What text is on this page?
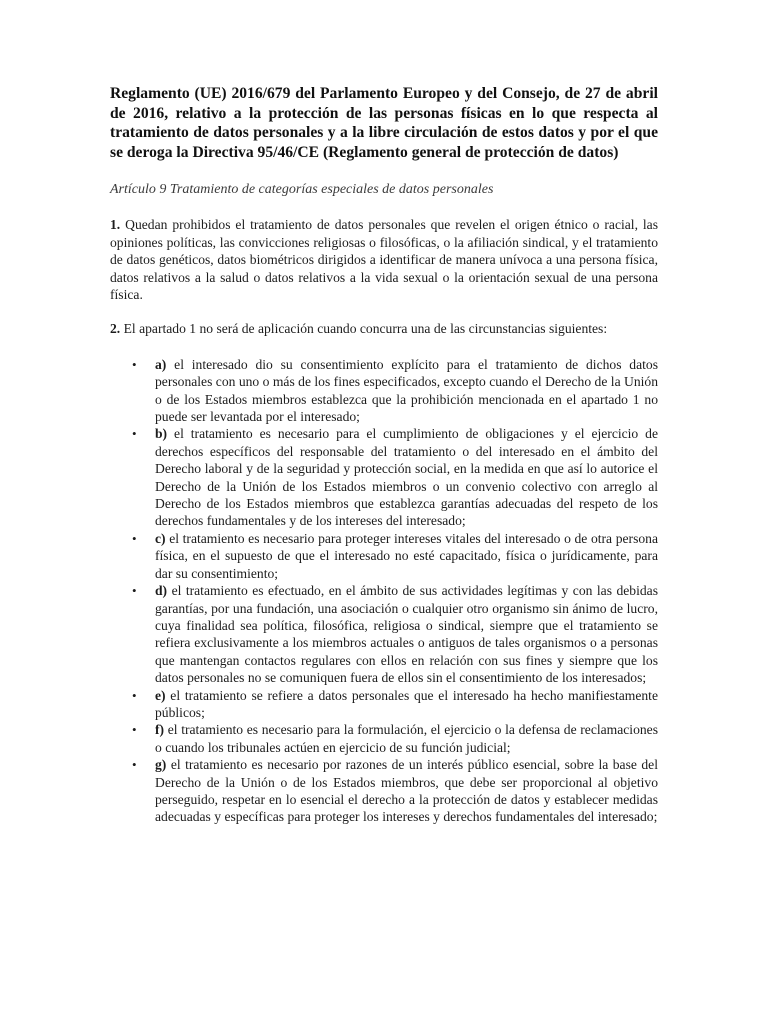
Reglamento (UE) 2016/679 del Parlamento Europeo y del Consejo, de 27 de abril de 2016, relativo a la protección de las personas físicas en lo que respecta al tratamiento de datos personales y a la libre circulación de estos datos y por el que se deroga la Directiva 95/46/CE (Reglamento general de protección de datos)

Artículo 9 Tratamiento de categorías especiales de datos personales

1. Quedan prohibidos el tratamiento de datos personales que revelen el origen étnico o racial, las opiniones políticas, las convicciones religiosas o filosóficas, o la afiliación sindical, y el tratamiento de datos genéticos, datos biométricos dirigidos a identificar de manera unívoca a una persona física, datos relativos a la salud o datos relativos a la vida sexual o la orientación sexual de una persona física.

2. El apartado 1 no será de aplicación cuando concurra una de las circunstancias siguientes:

• a) el interesado dio su consentimiento explícito para el tratamiento de dichos datos personales con uno o más de los fines especificados, excepto cuando el Derecho de la Unión o de los Estados miembros establezca que la prohibición mencionada en el apartado 1 no puede ser levantada por el interesado;
• b) el tratamiento es necesario para el cumplimiento de obligaciones y el ejercicio de derechos específicos del responsable del tratamiento o del interesado en el ámbito del Derecho laboral y de la seguridad y protección social, en la medida en que así lo autorice el Derecho de la Unión de los Estados miembros o un convenio colectivo con arreglo al Derecho de los Estados miembros que establezca garantías adecuadas del respeto de los derechos fundamentales y de los intereses del interesado;
• c) el tratamiento es necesario para proteger intereses vitales del interesado o de otra persona física, en el supuesto de que el interesado no esté capacitado, física o jurídicamente, para dar su consentimiento;
• d) el tratamiento es efectuado, en el ámbito de sus actividades legítimas y con las debidas garantías, por una fundación, una asociación o cualquier otro organismo sin ánimo de lucro, cuya finalidad sea política, filosófica, religiosa o sindical, siempre que el tratamiento se refiera exclusivamente a los miembros actuales o antiguos de tales organismos o a personas que mantengan contactos regulares con ellos en relación con sus fines y siempre que los datos personales no se comuniquen fuera de ellos sin el consentimiento de los interesados;
• e) el tratamiento se refiere a datos personales que el interesado ha hecho manifiestamente públicos;
• f) el tratamiento es necesario para la formulación, el ejercicio o la defensa de reclamaciones o cuando los tribunales actúen en ejercicio de su función judicial;
• g) el tratamiento es necesario por razones de un interés público esencial, sobre la base del Derecho de la Unión o de los Estados miembros, que debe ser proporcional al objetivo perseguido, respetar en lo esencial el derecho a la protección de datos y establecer medidas adecuadas y específicas para proteger los intereses y derechos fundamentales del interesado;
